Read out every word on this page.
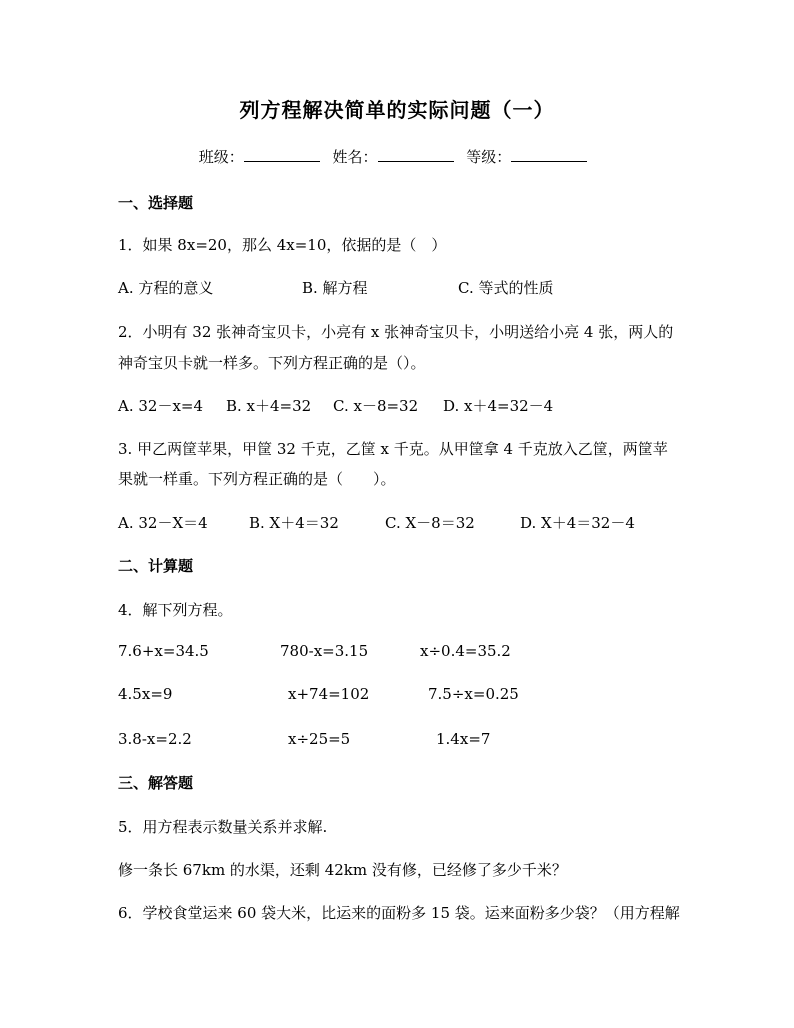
列方程解决简单的实际问题（一）
班级：	姓名：	等级：
一、选择题
1．如果 8x=20，那么 4x=10，依据的是（　）
A. 方程的意义	B. 解方程	C. 等式的性质
2．小明有 32 张神奇宝贝卡，小亮有 x 张神奇宝贝卡，小明送给小亮 4 张，两人的
神奇宝贝卡就一样多。下列方程正确的是（）。
A. 32－x=4 B. x＋4=32 C. x－8=32 D. x＋4=32－4
3. 甲乙两筐苹果，甲筐 32 千克，乙筐 x 千克。从甲筐拿 4 千克放入乙筐，两筐苹
果就一样重。下列方程正确的是（　　）。
A. 32－X＝4	B. X＋4＝32	C. X－8＝32	D. X＋4＝32－4
二、计算题
4．解下列方程。
7.6+x=34.5	780-x=3.15	x÷0.4=35.2
4.5x=9	x+74=102	7.5÷x=0.25
3.8-x=2.2	x÷25=5	1.4x=7
三、解答题
5．用方程表示数量关系并求解.
修一条长 67km 的水渠，还剩 42km 没有修，已经修了多少千米？
6．学校食堂运来 60 袋大米，比运来的面粉多 15 袋。运来面粉多少袋？（用方程解
